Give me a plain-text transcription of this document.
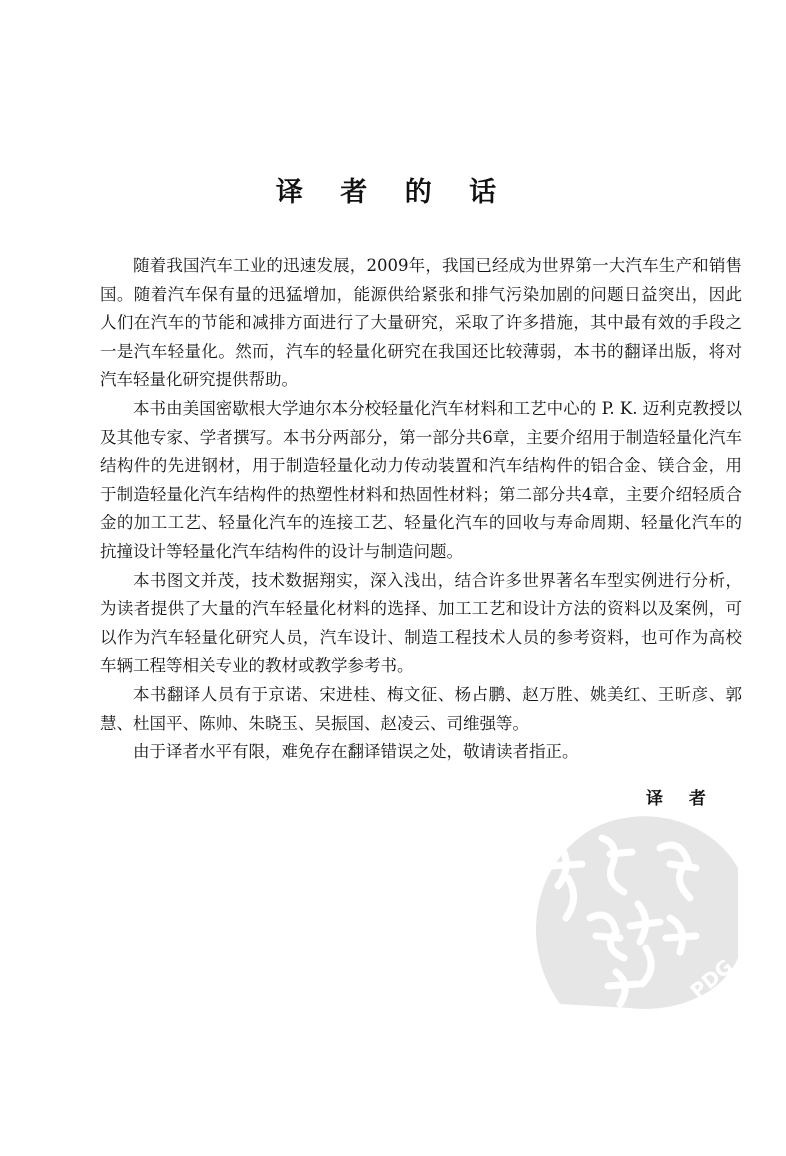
译 者 的 话

随着我国汽车工业的迅速发展，2009年，我国已经成为世界第一大汽车生产和销售国。随着汽车保有量的迅猛增加，能源供给紧张和排气污染加剧的问题日益突出，因此人们在汽车的节能和减排方面进行了大量研究，采取了许多措施，其中最有效的手段之一是汽车轻量化。然而，汽车的轻量化研究在我国还比较薄弱，本书的翻译出版，将对汽车轻量化研究提供帮助。

本书由美国密歇根大学迪尔本分校轻量化汽车材料和工艺中心的 P. K. 迈利克教授以及其他专家、学者撰写。本书分两部分，第一部分共6章，主要介绍用于制造轻量化汽车结构件的先进钢材，用于制造轻量化动力传动装置和汽车结构件的铝合金、镁合金，用于制造轻量化汽车结构件的热塑性材料和热固性材料；第二部分共4章，主要介绍轻质合金的加工工艺、轻量化汽车的连接工艺、轻量化汽车的回收与寿命周期、轻量化汽车的抗撞设计等轻量化汽车结构件的设计与制造问题。

本书图文并茂，技术数据翔实，深入浅出，结合许多世界著名车型实例进行分析，为读者提供了大量的汽车轻量化材料的选择、加工工艺和设计方法的资料以及案例，可以作为汽车轻量化研究人员，汽车设计、制造工程技术人员的参考资料，也可作为高校车辆工程等相关专业的教材或教学参考书。

本书翻译人员有于京诺、宋进桂、梅文征、杨占鹏、赵万胜、姚美红、王昕彦、郭慧、杜国平、陈帅、朱晓玉、吴振国、赵凌云、司维强等。

由于译者水平有限，难免存在翻译错误之处，敬请读者指正。

译 者
PDG
